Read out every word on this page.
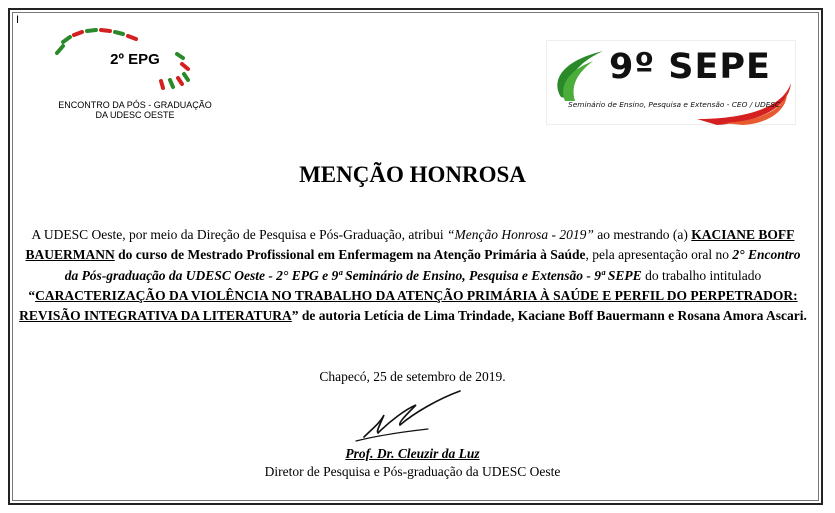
I
2º EPG
ENCONTRO DA PÓS - GRADUAÇÃO
DA UDESC OESTE
9º SEPE
Seminário de Ensino, Pesquisa e Extensão - CEO / UDESC
MENÇÃO HONROSA
A UDESC Oeste, por meio da Direção de Pesquisa e Pós-Graduação, atribui “Menção Honrosa - 2019” ao mestrando (a) KACIANE BOFF BAUERMANN do curso de Mestrado Profissional em Enfermagem na Atenção Primária à Saúde, pela apresentação oral no 2° Encontro da Pós-graduação da UDESC Oeste - 2° EPG e 9ª Seminário de Ensino, Pesquisa e Extensão - 9ª SEPE do trabalho intitulado “CARACTERIZAÇÃO DA VIOLÊNCIA NO TRABALHO DA ATENÇÃO PRIMÁRIA À SAÚDE E PERFIL DO PERPETRADOR: REVISÃO INTEGRATIVA DA LITERATURA” de autoria Letícia de Lima Trindade, Kaciane Boff Bauermann e Rosana Amora Ascari.
Chapecó, 25 de setembro de 2019.
Prof. Dr. Cleuzir da Luz
Diretor de Pesquisa e Pós-graduação da UDESC Oeste
